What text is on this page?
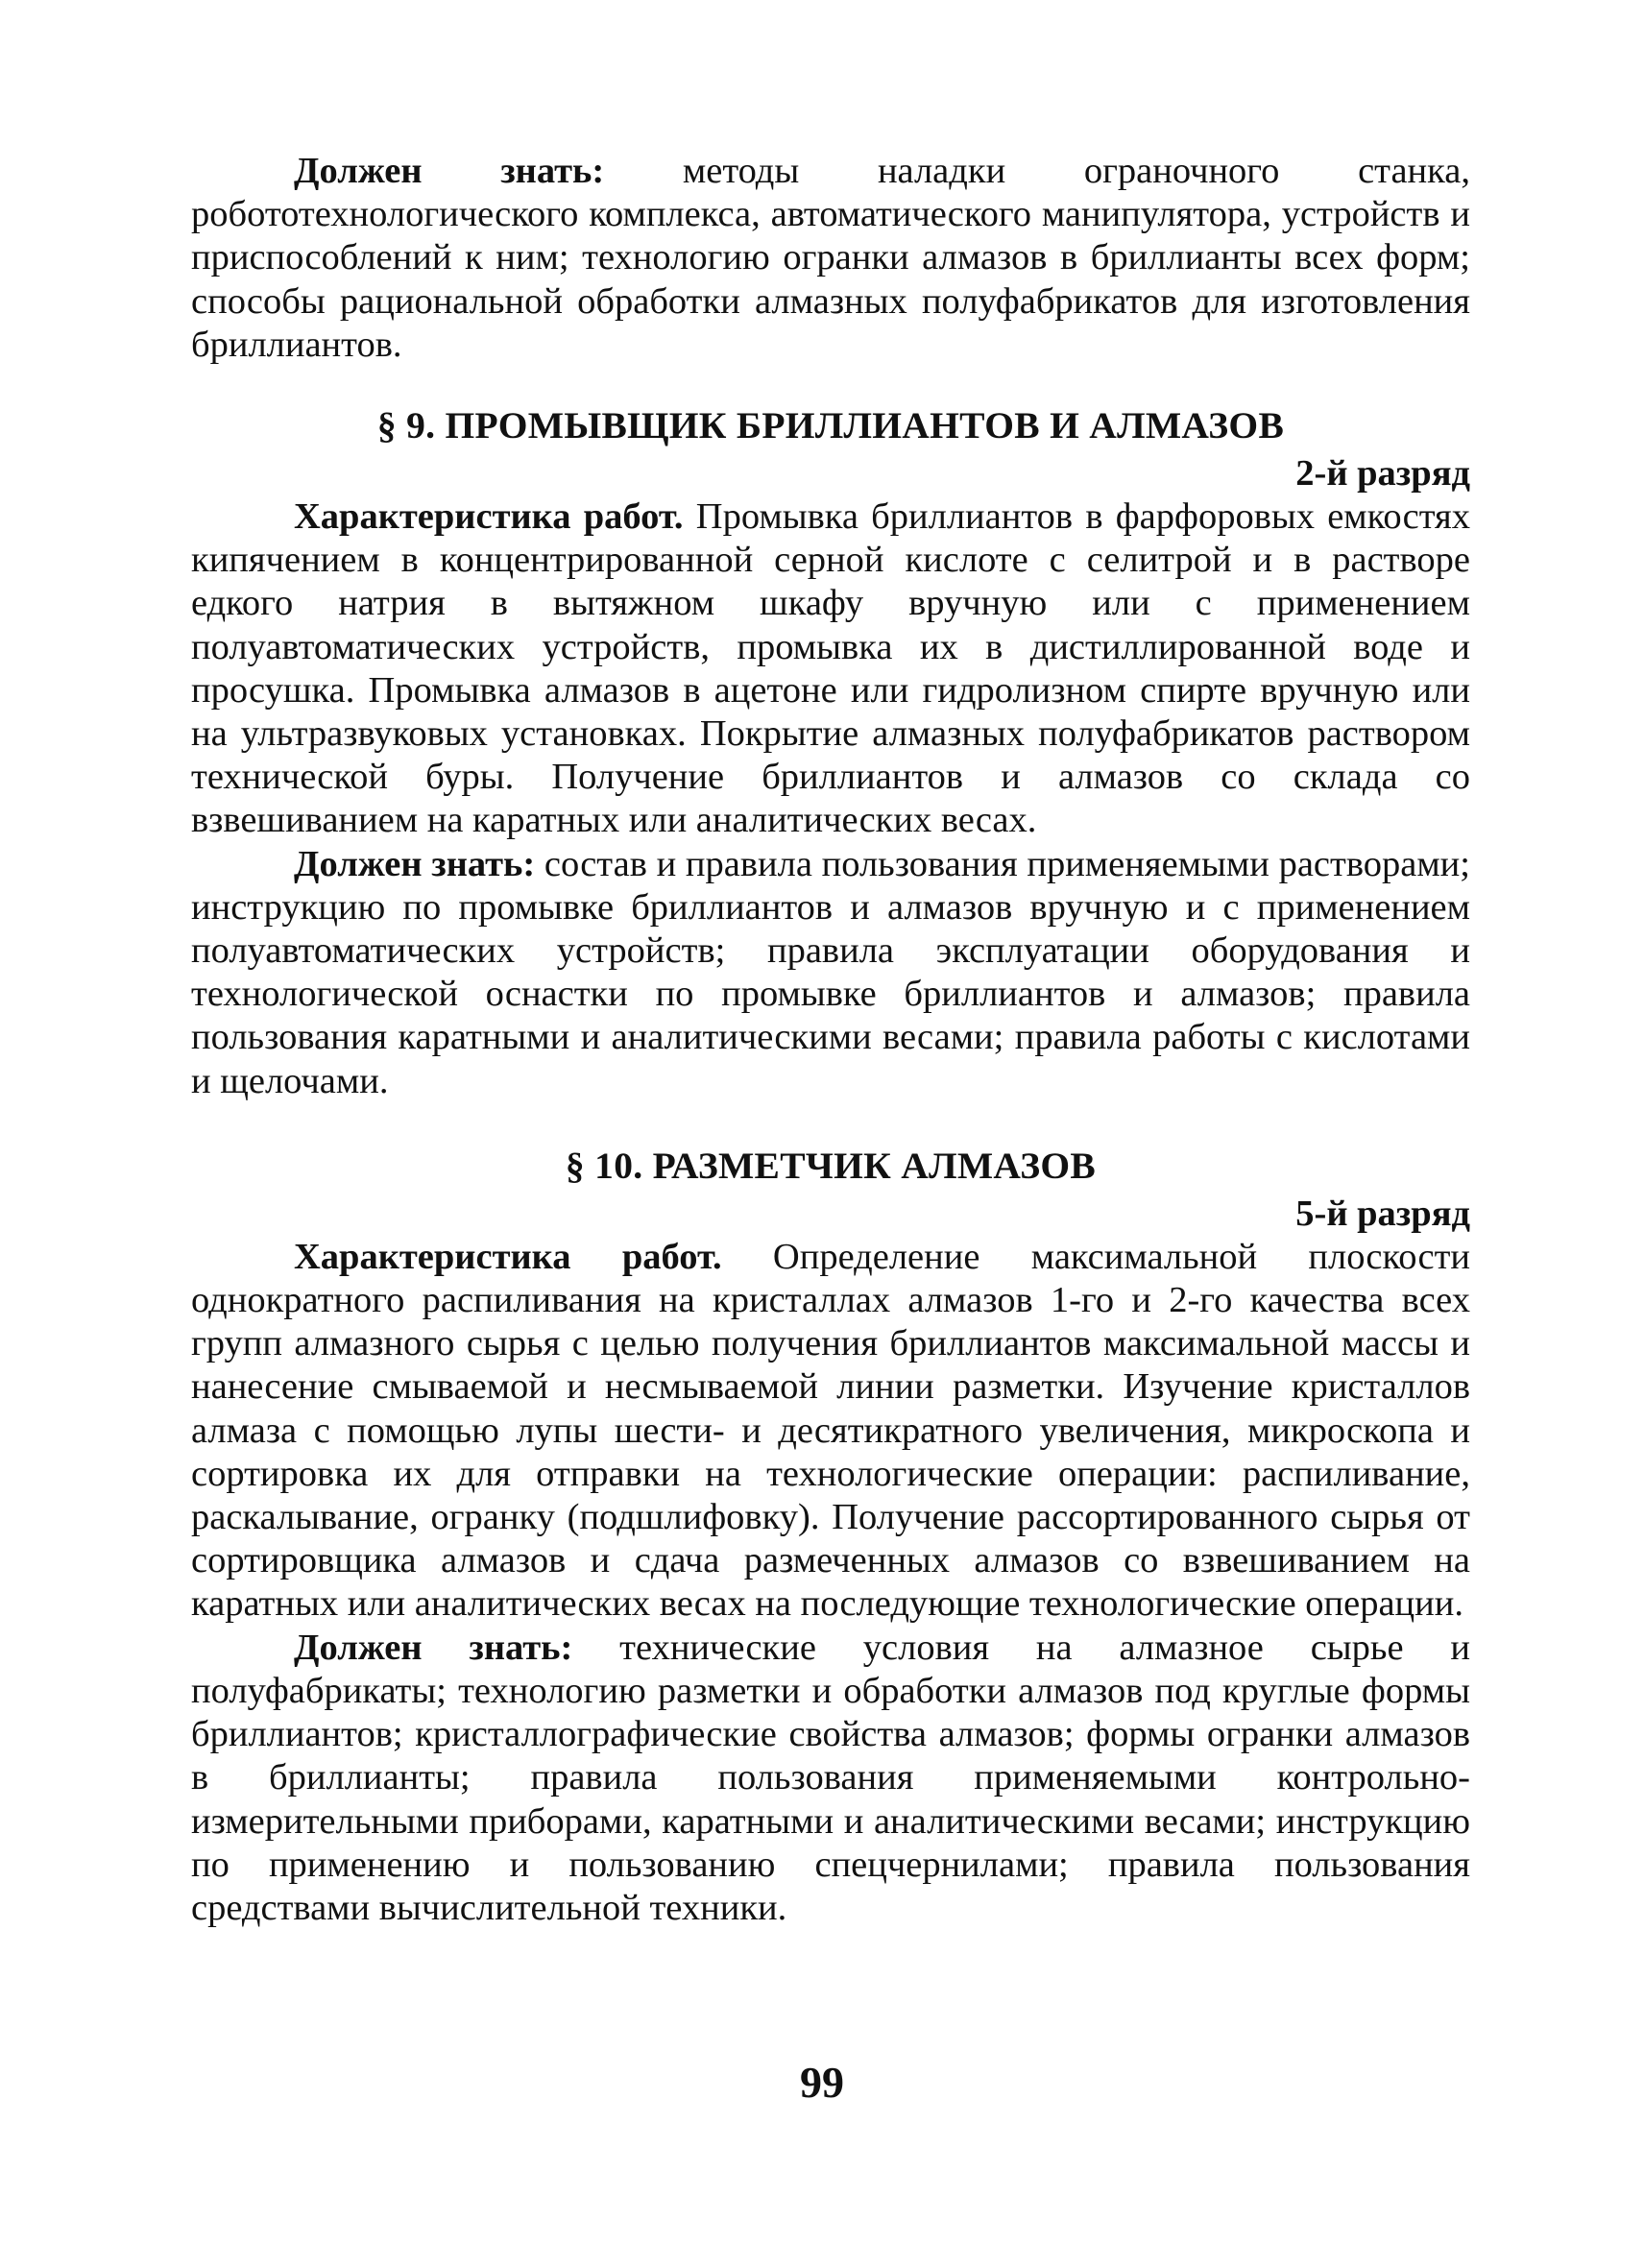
Должен знать: методы наладки ограночного станка, робототехнологического комплекса, автоматического манипулятора, устройств и приспособлений к ним; технологию огранки алмазов в бриллианты всех форм; способы рациональной обработки алмазных полуфабрикатов для изготовления бриллиантов.

§ 9. ПРОМЫВЩИК БРИЛЛИАНТОВ И АЛМАЗОВ

2-й разряд

Характеристика работ. Промывка бриллиантов в фарфоровых емкостях кипячением в концентрированной серной кислоте с селитрой и в растворе едкого натрия в вытяжном шкафу вручную или с применением полуавтоматических устройств, промывка их в дистиллированной воде и просушка. Промывка алмазов в ацетоне или гидролизном спирте вручную или на ультразвуковых установках. Покрытие алмазных полуфабрикатов раствором технической буры. Получение бриллиантов и алмазов со склада со взвешиванием на каратных или аналитических весах.

Должен знать: состав и правила пользования применяемыми растворами; инструкцию по промывке бриллиантов и алмазов вручную и с применением полуавтоматических устройств; правила эксплуатации оборудования и технологической оснастки по промывке бриллиантов и алмазов; правила пользования каратными и аналитическими весами; правила работы с кислотами и щелочами.

§ 10. РАЗМЕТЧИК АЛМАЗОВ

5-й разряд

Характеристика работ. Определение максимальной плоскости однократного распиливания на кристаллах алмазов 1-го и 2-го качества всех групп алмазного сырья с целью получения бриллиантов максимальной массы и нанесение смываемой и несмываемой линии разметки. Изучение кристаллов алмаза с помощью лупы шести- и десятикратного увеличения, микроскопа и сортировка их для отправки на технологические операции: распиливание, раскалывание, огранку (подшлифовку). Получение рассортированного сырья от сортировщика алмазов и сдача размеченных алмазов со взвешиванием на каратных или аналитических весах на последующие технологические операции.

Должен знать: технические условия на алмазное сырье и полуфабрикаты; технологию разметки и обработки алмазов под круглые формы бриллиантов; кристаллографические свойства алмазов; формы огранки алмазов в бриллианты; правила пользования применяемыми контрольно-измерительными приборами, каратными и аналитическими весами; инструкцию по применению и пользованию спецчернилами; правила пользования средствами вычислительной техники.

99
